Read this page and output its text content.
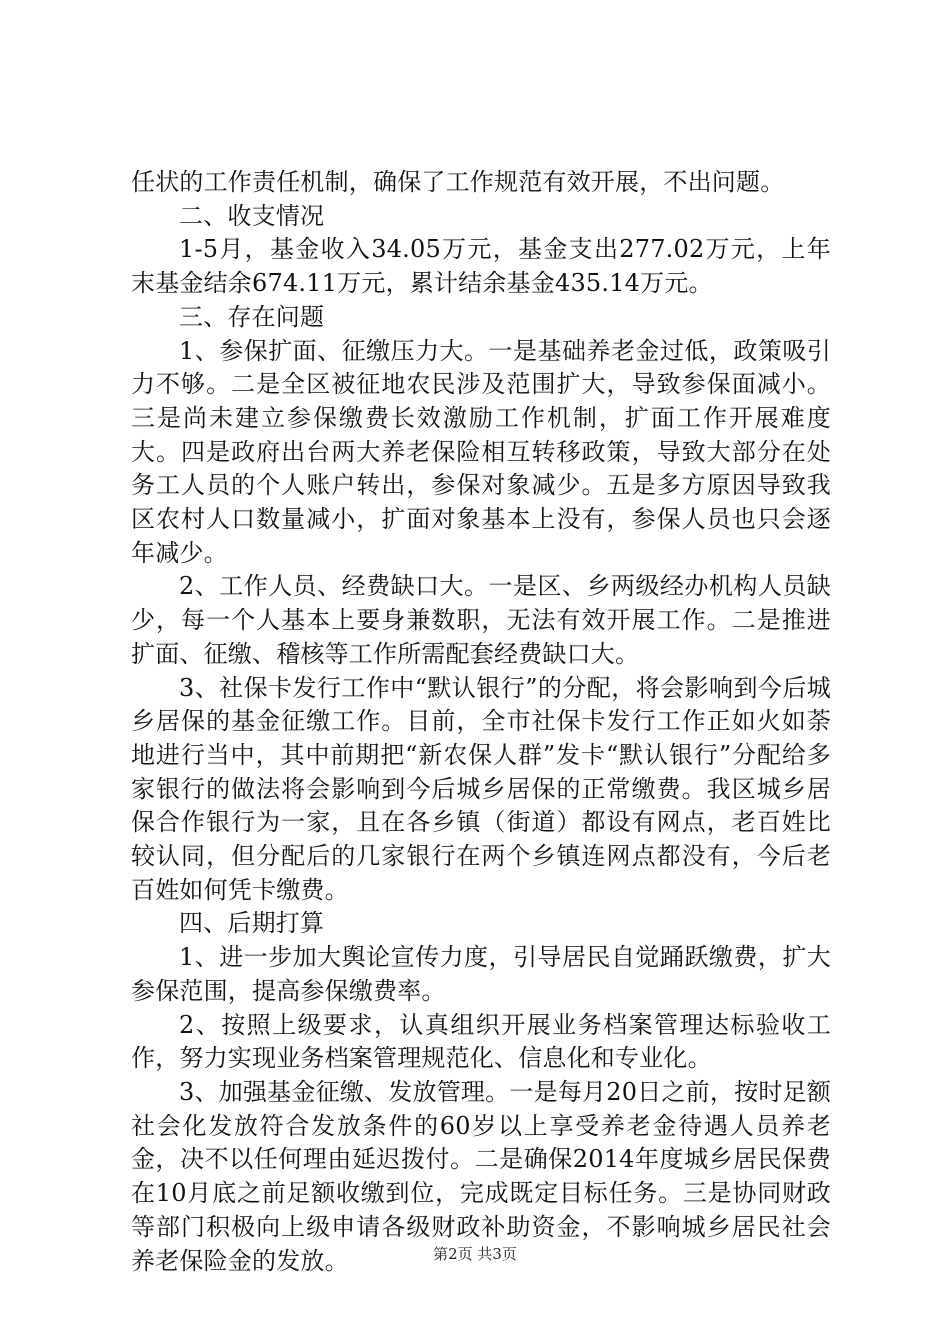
任状的工作责任机制，确保了工作规范有效开展，不出问题。

二、收支情况

1-5月，基金收入34.05万元，基金支出277.02万元，上年末基金结余674.11万元，累计结余基金435.14万元。

三、存在问题

1、参保扩面、征缴压力大。一是基础养老金过低，政策吸引力不够。二是全区被征地农民涉及范围扩大，导致参保面减小。三是尚未建立参保缴费长效激励工作机制，扩面工作开展难度大。四是政府出台两大养老保险相互转移政策，导致大部分在处务工人员的个人账户转出，参保对象减少。五是多方原因导致我区农村人口数量减小，扩面对象基本上没有，参保人员也只会逐年减少。

2、工作人员、经费缺口大。一是区、乡两级经办机构人员缺少，每一个人基本上要身兼数职，无法有效开展工作。二是推进扩面、征缴、稽核等工作所需配套经费缺口大。

3、社保卡发行工作中“默认银行”的分配，将会影响到今后城乡居保的基金征缴工作。目前，全市社保卡发行工作正如火如荼地进行当中，其中前期把“新农保人群”发卡“默认银行”分配给多家银行的做法将会影响到今后城乡居保的正常缴费。我区城乡居保合作银行为一家，且在各乡镇（街道）都设有网点，老百姓比较认同，但分配后的几家银行在两个乡镇连网点都没有，今后老百姓如何凭卡缴费。

四、后期打算

1、进一步加大舆论宣传力度，引导居民自觉踊跃缴费，扩大参保范围，提高参保缴费率。

2、按照上级要求，认真组织开展业务档案管理达标验收工作，努力实现业务档案管理规范化、信息化和专业化。

3、加强基金征缴、发放管理。一是每月20日之前，按时足额社会化发放符合发放条件的60岁以上享受养老金待遇人员养老金，决不以任何理由延迟拨付。二是确保2014年度城乡居民保费在10月底之前足额收缴到位，完成既定目标任务。三是协同财政等部门积极向上级申请各级财政补助资金，不影响城乡居民社会养老保险金的发放。	第2页 共3页
